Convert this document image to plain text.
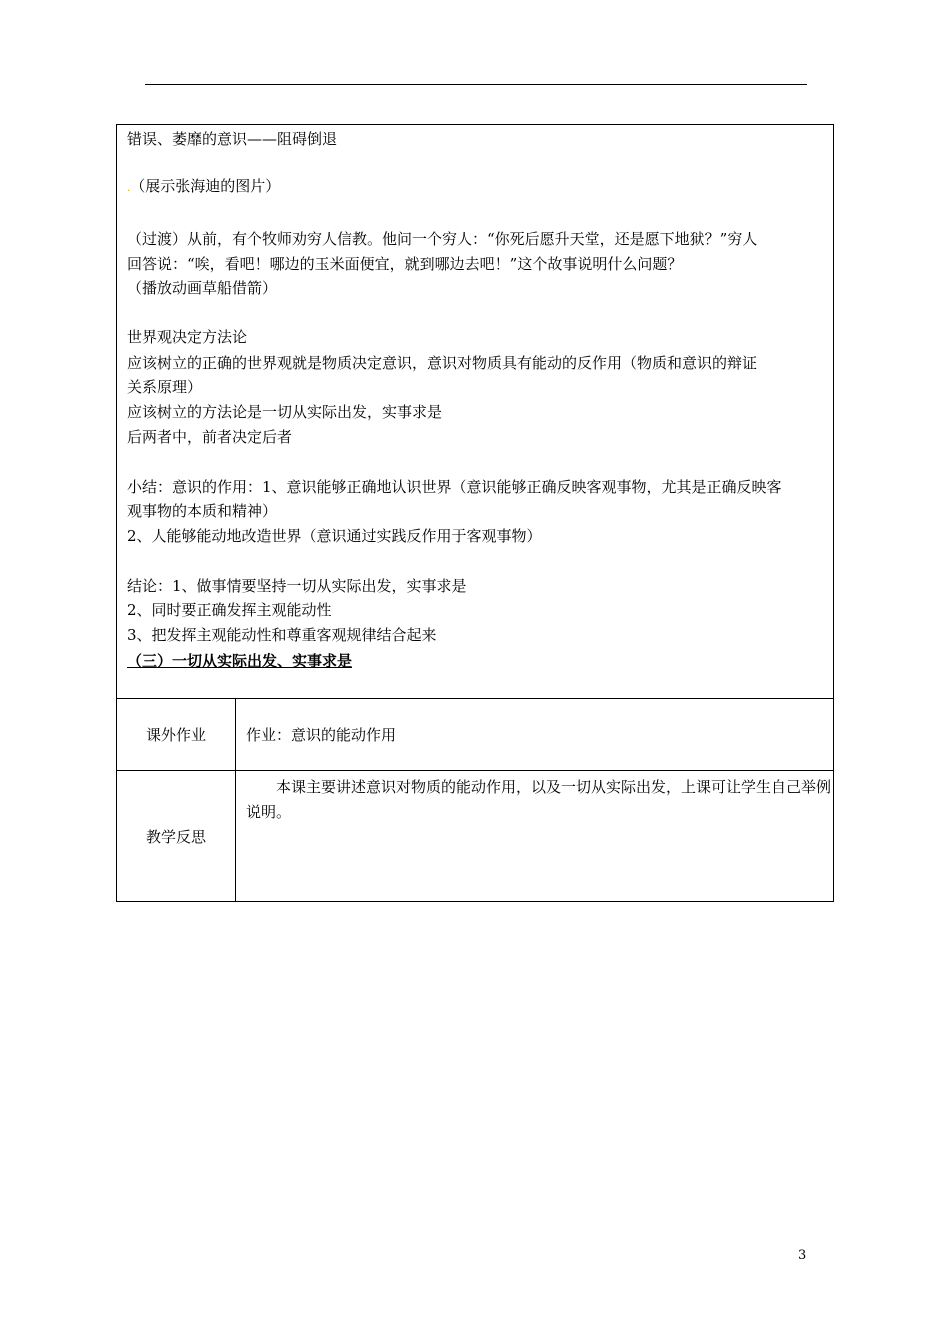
错误、萎靡的意识——阻碍倒退
.（展示张海迪的图片）
（过渡）从前，有个牧师劝穷人信教。他问一个穷人：“你死后愿升天堂，还是愿下地狱？”穷人
回答说：“唉，看吧！哪边的玉米面便宜，就到哪边去吧！”这个故事说明什么问题？
（播放动画草船借箭）
世界观决定方法论
应该树立的正确的世界观就是物质决定意识，意识对物质具有能动的反作用（物质和意识的辩证
关系原理）
应该树立的方法论是一切从实际出发，实事求是
后两者中，前者决定后者
小结：意识的作用：1、意识能够正确地认识世界（意识能够正确反映客观事物，尤其是正确反映客
观事物的本质和精神）
2、人能够能动地改造世界（意识通过实践反作用于客观事物）
结论：1、做事情要坚持一切从实际出发，实事求是
2、同时要正确发挥主观能动性
3、把发挥主观能动性和尊重客观规律结合起来
（三）一切从实际出发、实事求是
课外作业	作业：意识的能动作用
教学反思
　　本课主要讲述意识对物质的能动作用，以及一切从实际出发，上课可让学生自己举例说明。
3
